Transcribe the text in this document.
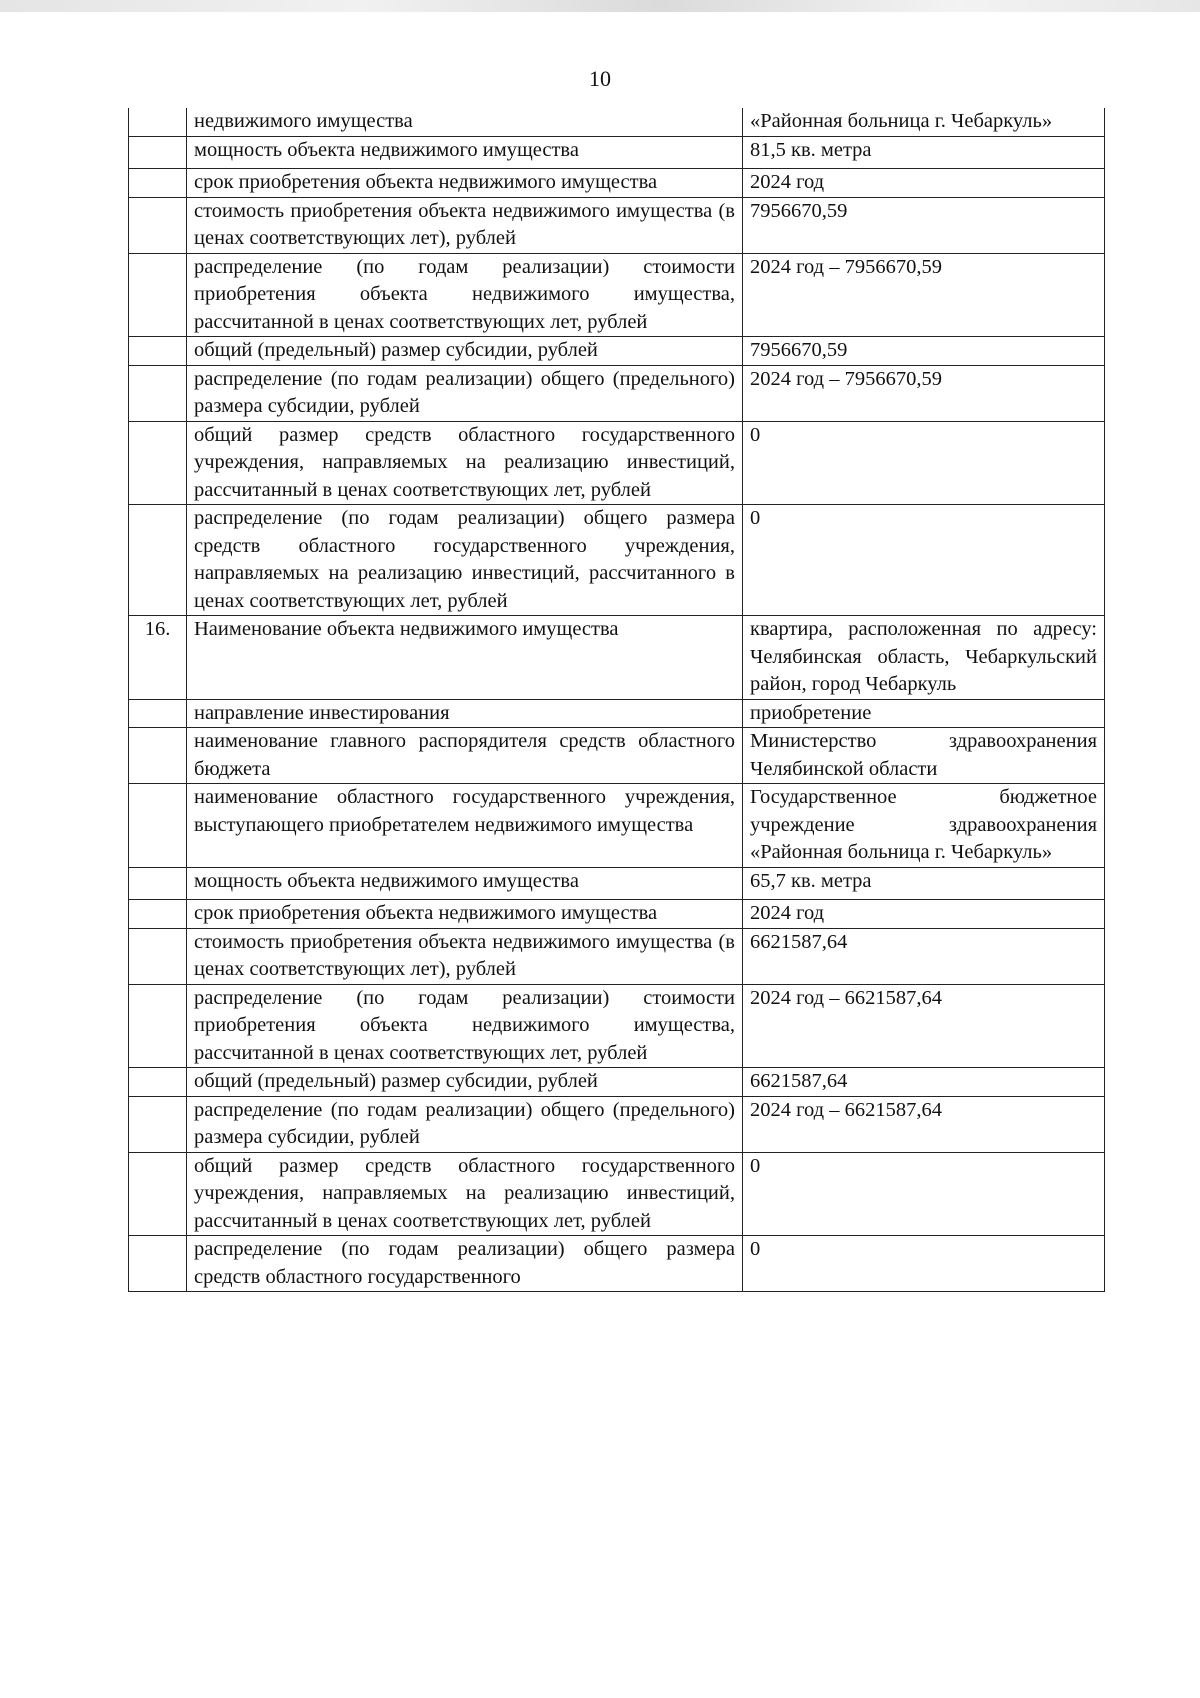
10
	недвижимого имущества	«Районная больница г. Чебаркуль»
	мощность объекта недвижимого имущества	81,5 кв. метра
	срок приобретения объекта недвижимого имущества	2024 год
	стоимость приобретения объекта недвижимого имущества (в ценах соответствующих лет), рублей	7956670,59
	распределение (по годам реализации) стоимости приобретения объекта недвижимого имущества, рассчитанной в ценах соответствующих лет, рублей	2024 год – 7956670,59
	общий (предельный) размер субсидии, рублей	7956670,59
	распределение (по годам реализации) общего (предельного) размера субсидии, рублей	2024 год – 7956670,59
	общий размер средств областного государственного учреждения, направляемых на реализацию инвестиций, рассчитанный в ценах соответствующих лет, рублей	0
	распределение (по годам реализации) общего размера средств областного государственного учреждения, направляемых на реализацию инвестиций, рассчитанного в ценах соответствующих лет, рублей	0
16.	Наименование объекта недвижимого имущества	квартира, расположенная по адресу: Челябинская область, Чебаркульский район, город Чебаркуль
	направление инвестирования	приобретение
	наименование главного распорядителя средств областного бюджета	Министерство здравоохранения Челябинской области
	наименование областного государственного учреждения, выступающего приобретателем недвижимого имущества	Государственное бюджетное учреждение здравоохранения «Районная больница г. Чебаркуль»
	мощность объекта недвижимого имущества	65,7 кв. метра
	срок приобретения объекта недвижимого имущества	2024 год
	стоимость приобретения объекта недвижимого имущества (в ценах соответствующих лет), рублей	6621587,64
	распределение (по годам реализации) стоимости приобретения объекта недвижимого имущества, рассчитанной в ценах соответствующих лет, рублей	2024 год – 6621587,64
	общий (предельный) размер субсидии, рублей	6621587,64
	распределение (по годам реализации) общего (предельного) размера субсидии, рублей	2024 год – 6621587,64
	общий размер средств областного государственного учреждения, направляемых на реализацию инвестиций, рассчитанный в ценах соответствующих лет, рублей	0
	распределение (по годам реализации) общего размера средств областного государственного	0
